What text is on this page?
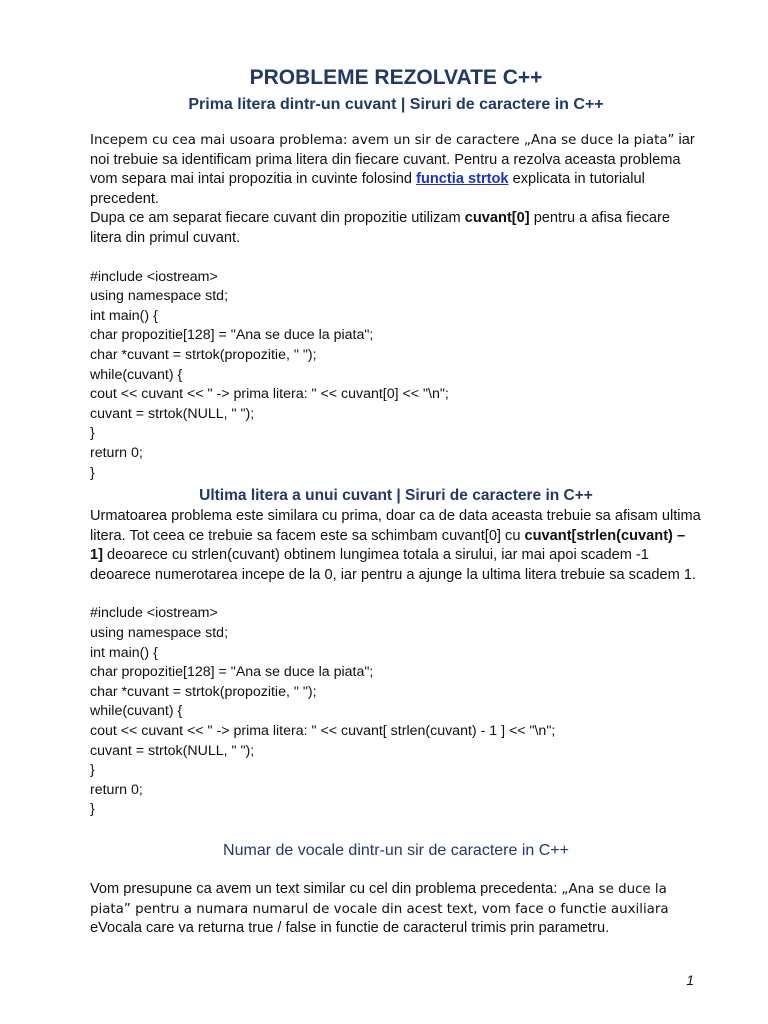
PROBLEME REZOLVATE C++
Prima litera dintr-un cuvant | Siruri de caractere in C++

Incepem cu cea mai usoara problema: avem un sir de caractere „Ana se duce la piata” iar noi trebuie sa identificam prima litera din fiecare cuvant. Pentru a rezolva aceasta problema vom separa mai intai propozitia in cuvinte folosind functia strtok explicata in tutorialul precedent.

Dupa ce am separat fiecare cuvant din propozitie utilizam cuvant[0] pentru a afisa fiecare litera din primul cuvant.

#include <iostream>

using namespace std;

int main() {

char propozitie[128] = "Ana se duce la piata";

char *cuvant = strtok(propozitie, " ");

while(cuvant) {

cout << cuvant << " -> prima litera: " << cuvant[0] << "\n";

cuvant = strtok(NULL, " ");

}

return 0;

}

Ultima litera a unui cuvant | Siruri de caractere in C++

Urmatoarea problema este similara cu prima, doar ca de data aceasta trebuie sa afisam ultima litera. Tot ceea ce trebuie sa facem este sa schimbam cuvant[0] cu cuvant[strlen(cuvant) – 1] deoarece cu strlen(cuvant) obtinem lungimea totala a sirului, iar mai apoi scadem -1 deoarece numerotarea incepe de la 0, iar pentru a ajunge la ultima litera trebuie sa scadem 1.

#include <iostream>

using namespace std;

int main() {

char propozitie[128] = "Ana se duce la piata";

char *cuvant = strtok(propozitie, " ");

while(cuvant) {

cout << cuvant << " -> prima litera: " << cuvant[ strlen(cuvant) - 1 ] << "\n";

cuvant = strtok(NULL, " ");

}

return 0;

}

Numar de vocale dintr-un sir de caractere in C++

Vom presupune ca avem un text similar cu cel din problema precedenta: „Ana se duce la piata” pentru a numara numarul de vocale din acest text, vom face o functie auxiliara eVocala care va returna true / false in functie de caracterul trimis prin parametru.

1
